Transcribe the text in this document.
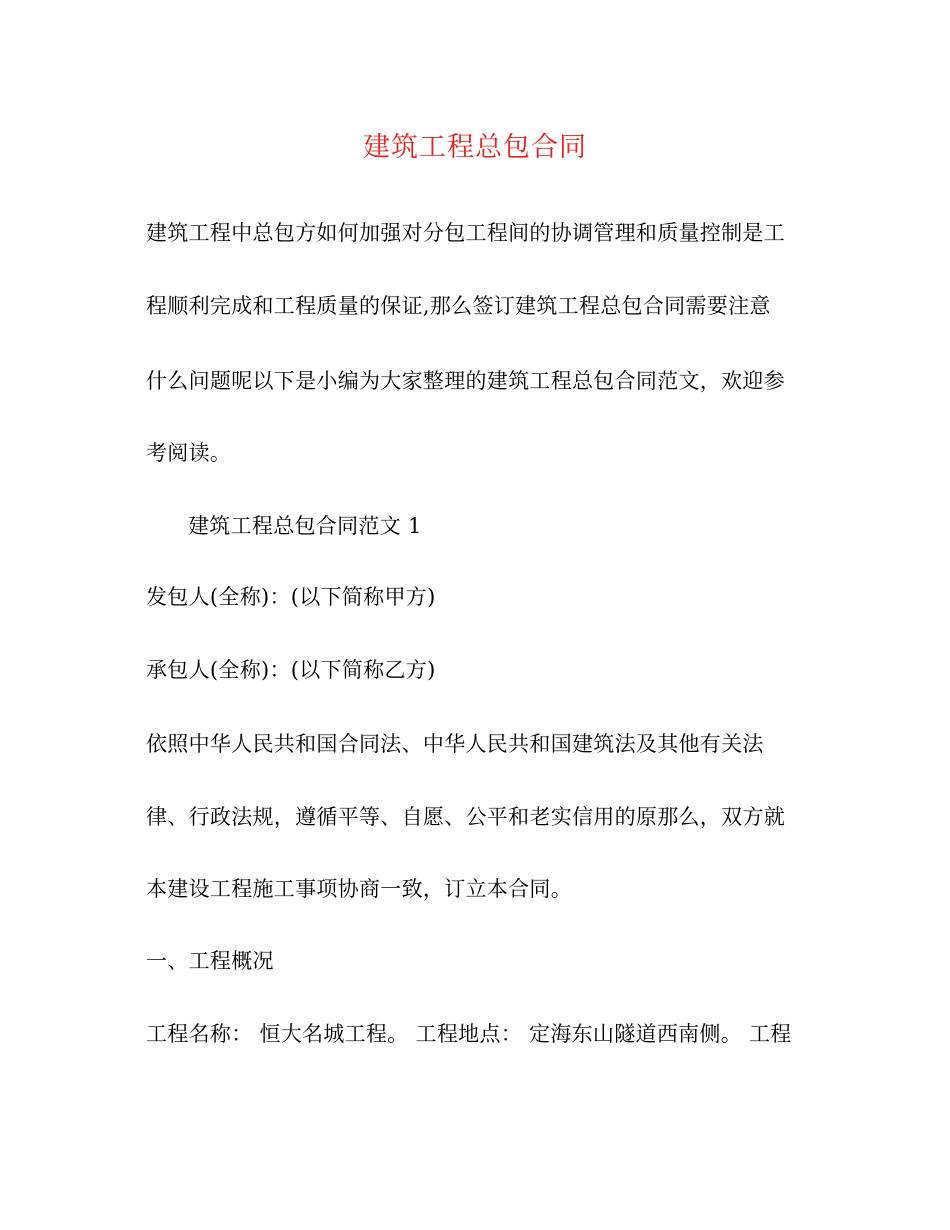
建筑工程总包合同
建筑工程中总包方如何加强对分包工程间的协调管理和质量控制是工
程顺利完成和工程质量的保证,那么签订建筑工程总包合同需要注意
什么问题呢以下是小编为大家整理的建筑工程总包合同范文，欢迎参
考阅读。
建筑工程总包合同范文 1
发包人(全称)：(以下简称甲方)
承包人(全称)：(以下简称乙方)
依照中华人民共和国合同法、中华人民共和国建筑法及其他有关法
律、行政法规，遵循平等、自愿、公平和老实信用的原那么，双方就
本建设工程施工事项协商一致，订立本合同。
一、工程概况
工程名称： 恒大名城工程。 工程地点： 定海东山隧道西南侧。 工程
